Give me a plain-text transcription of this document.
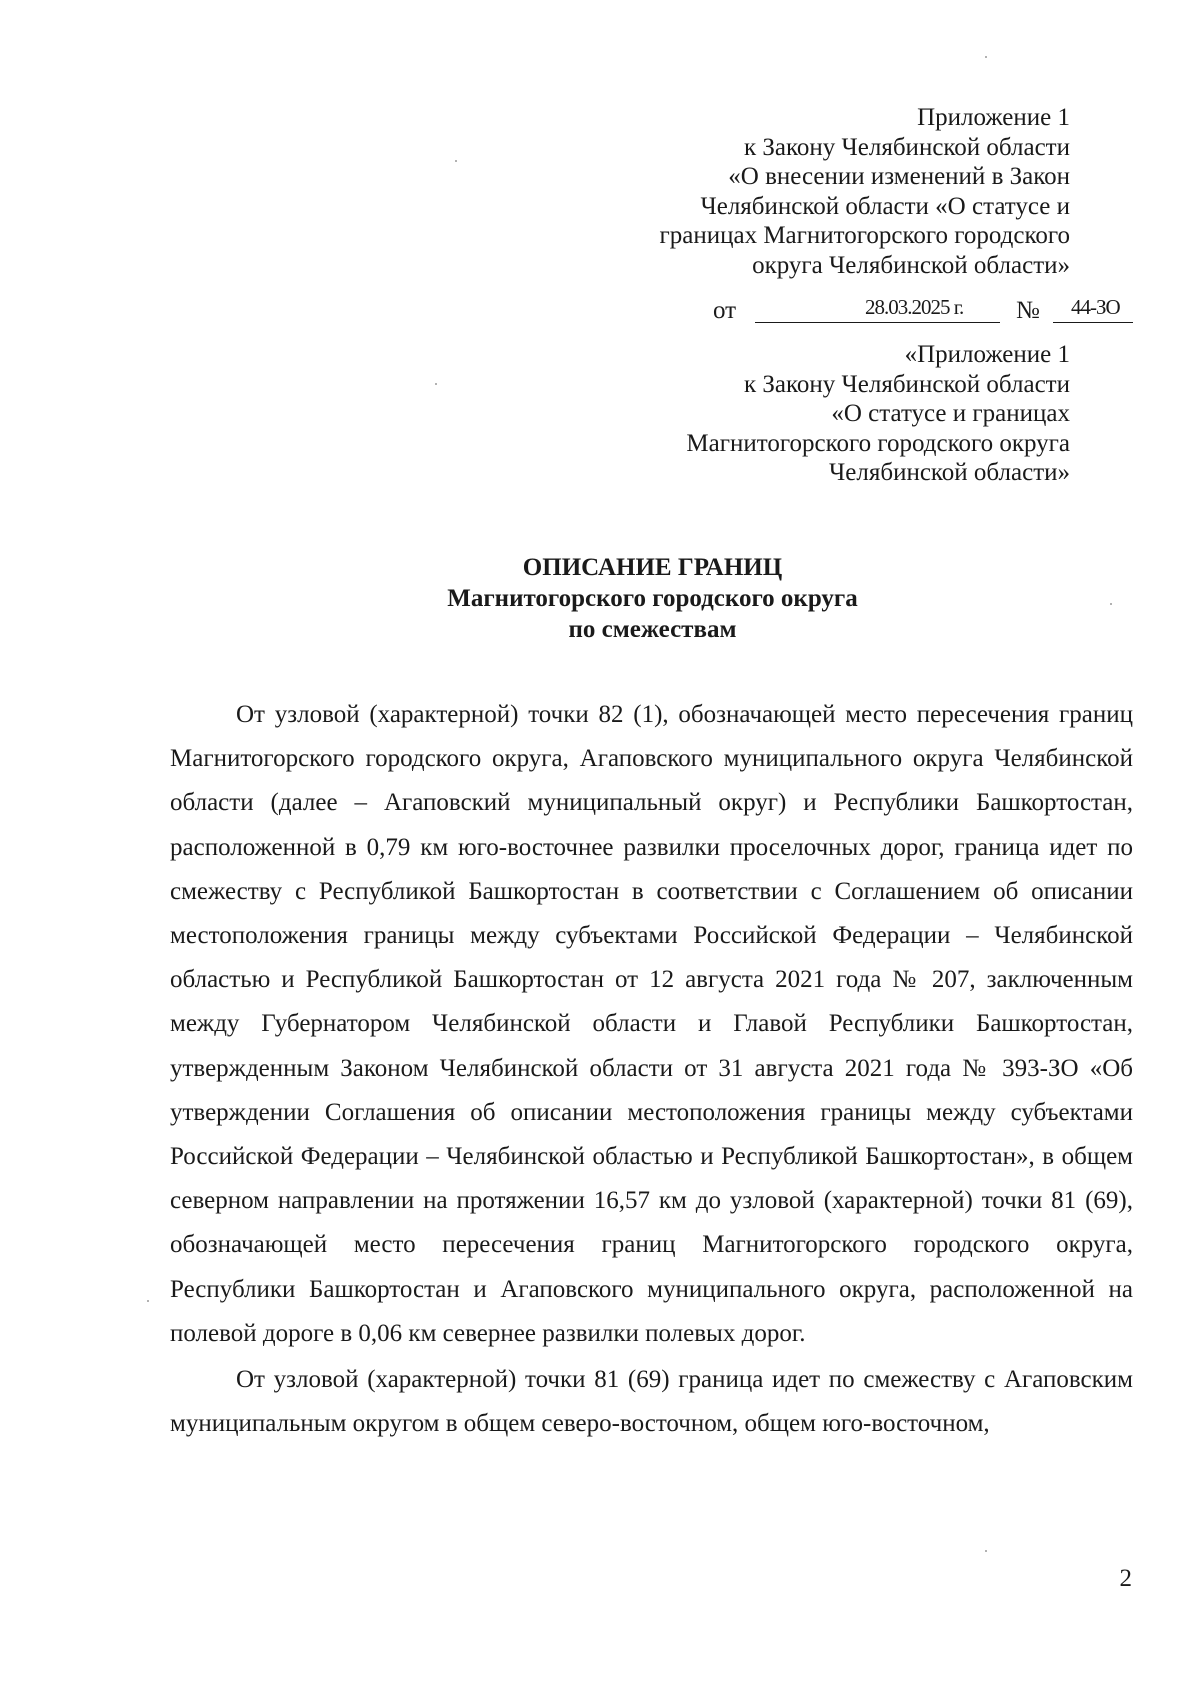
Приложение 1
к Закону Челябинской области
«О внесении изменений в Закон
Челябинской области «О статусе и
границах Магнитогорского городского
округа Челябинской области»
от	28.03.2025 г. № 44-ЗО
«Приложение 1
к Закону Челябинской области
«О статусе и границах
Магнитогорского городского округа
Челябинской области»
ОПИСАНИЕ ГРАНИЦ
Магнитогорского городского округа
по смежествам

От узловой (характерной) точки 82 (1), обозначающей место пересечения границ Магнитогорского городского округа, Агаповского муниципального округа Челябинской области (далее – Агаповский муниципальный округ) и Республики Башкортостан, расположенной в 0,79 км юго-восточнее развилки проселочных дорог, граница идет по смежеству с Республикой Башкортостан в соответствии с Соглашением об описании местоположения границы между субъектами Российской Федерации – Челябинской областью и Республикой Башкортостан от 12 августа 2021 года № 207, заключенным между Губернатором Челябинской области и Главой Республики Башкортостан, утвержденным Законом Челябинской области от 31 августа 2021 года № 393-ЗО «Об утверждении Соглашения об описании местоположения границы между субъектами Российской Федерации – Челябинской областью и Республикой Башкортостан», в общем северном направлении на протяжении 16,57 км до узловой (характерной) точки 81 (69), обозначающей место пересечения границ Магнитогорского городского округа, Республики Башкортостан и Агаповского муниципального округа, расположенной на полевой дороге в 0,06 км севернее развилки полевых дорог.

От узловой (характерной) точки 81 (69) граница идет по смежеству с Агаповским муниципальным округом в общем северо-восточном, общем юго-восточном,

2
